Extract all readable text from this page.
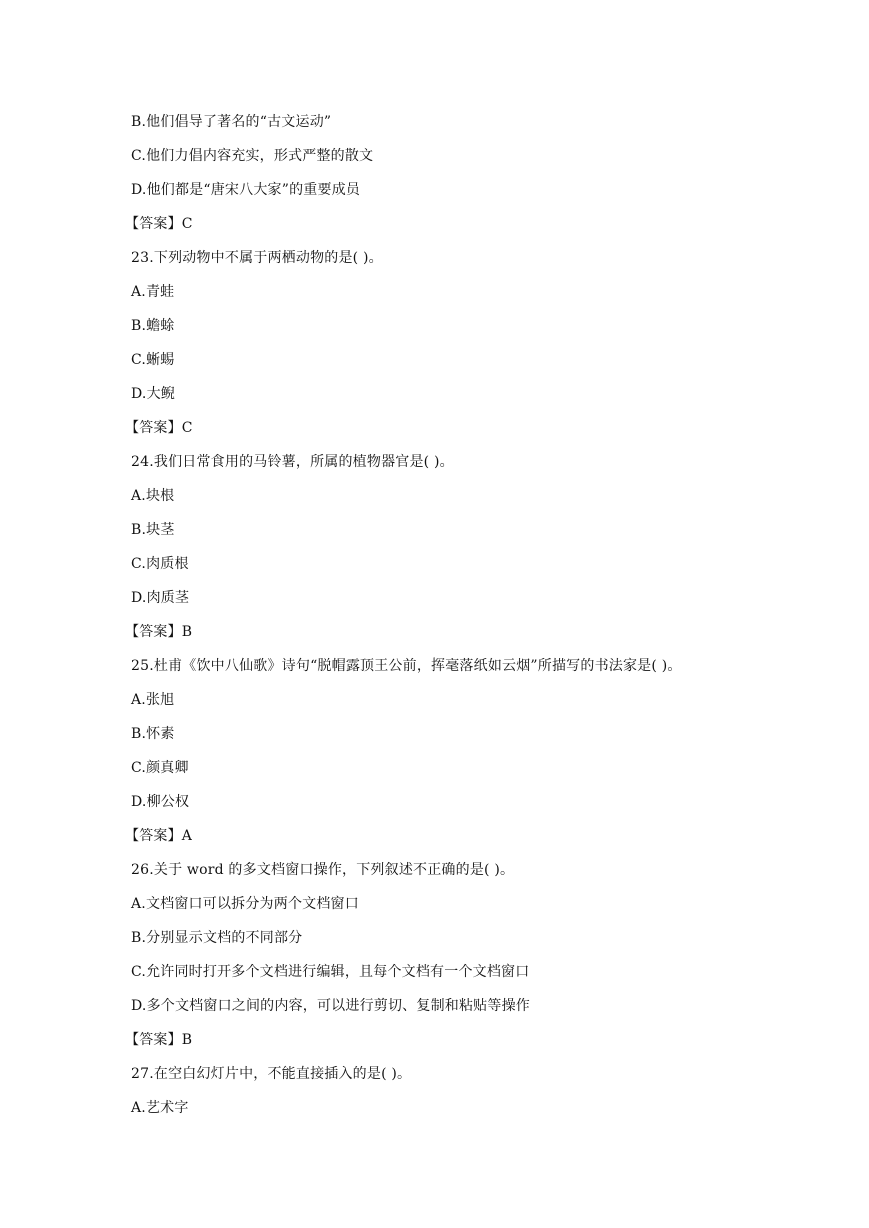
B.他们倡导了著名的“古文运动”
C.他们力倡内容充实，形式严整的散文
D.他们都是“唐宋八大家”的重要成员
【答案】C
23.下列动物中不属于两栖动物的是( )。
A.青蛙
B.蟾蜍
C.蜥蜴
D.大鲵
【答案】C
24.我们日常食用的马铃薯，所属的植物器官是( )。
A.块根
B.块茎
C.肉质根
D.肉质茎
【答案】B
25.杜甫《饮中八仙歌》诗句“脱帽露顶王公前，挥毫落纸如云烟”所描写的书法家是( )。
A.张旭
B.怀素
C.颜真卿
D.柳公权
【答案】A
26.关于 word 的多文档窗口操作，下列叙述不正确的是( )。
A.文档窗口可以拆分为两个文档窗口
B.分别显示文档的不同部分
C.允许同时打开多个文档进行编辑，且每个文档有一个文档窗口
D.多个文档窗口之间的内容，可以进行剪切、复制和粘贴等操作
【答案】B
27.在空白幻灯片中，不能直接插入的是( )。
A.艺术字
